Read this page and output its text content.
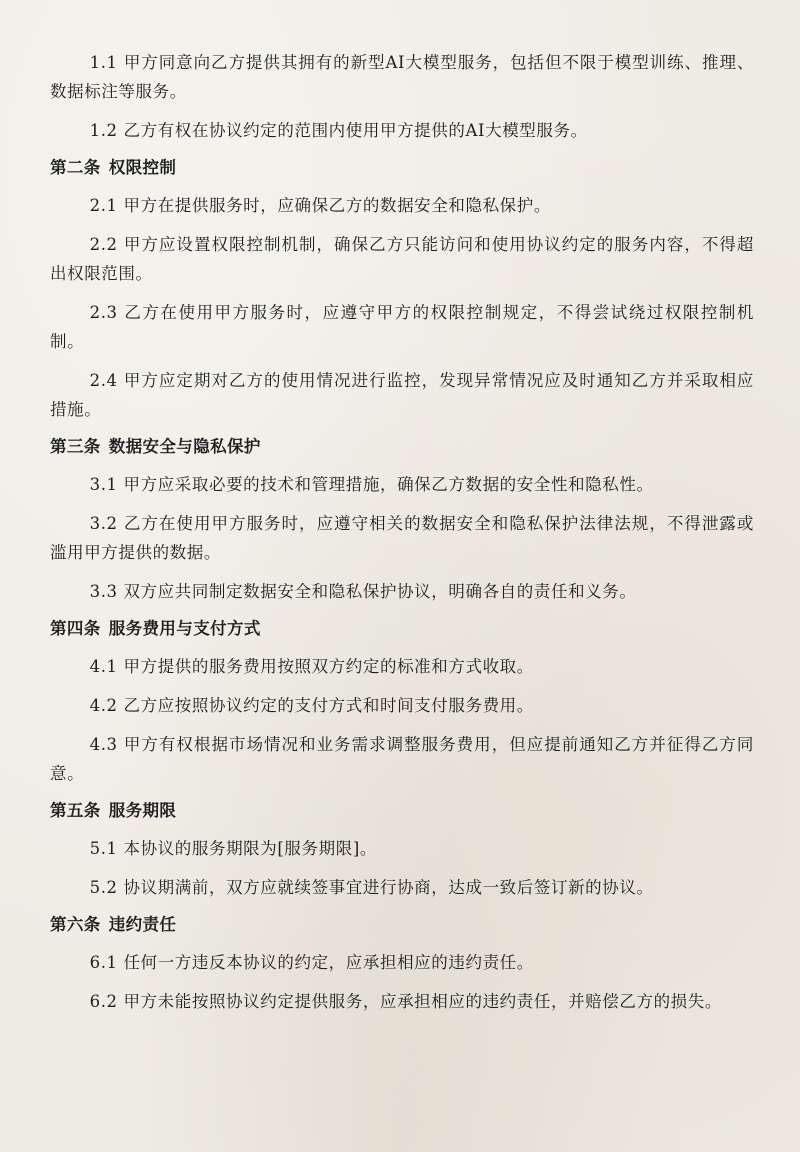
1.1 甲方同意向乙方提供其拥有的新型AI大模型服务，包括但不限于模型训练、推理、数据标注等服务。

1.2 乙方有权在协议约定的范围内使用甲方提供的AI大模型服务。

第二条 权限控制

2.1 甲方在提供服务时，应确保乙方的数据安全和隐私保护。

2.2 甲方应设置权限控制机制，确保乙方只能访问和使用协议约定的服务内容，不得超出权限范围。

2.3 乙方在使用甲方服务时，应遵守甲方的权限控制规定，不得尝试绕过权限控制机制。

2.4 甲方应定期对乙方的使用情况进行监控，发现异常情况应及时通知乙方并采取相应措施。

第三条 数据安全与隐私保护

3.1 甲方应采取必要的技术和管理措施，确保乙方数据的安全性和隐私性。

3.2 乙方在使用甲方服务时，应遵守相关的数据安全和隐私保护法律法规，不得泄露或滥用甲方提供的数据。

3.3 双方应共同制定数据安全和隐私保护协议，明确各自的责任和义务。

第四条 服务费用与支付方式

4.1 甲方提供的服务费用按照双方约定的标准和方式收取。

4.2 乙方应按照协议约定的支付方式和时间支付服务费用。

4.3 甲方有权根据市场情况和业务需求调整服务费用，但应提前通知乙方并征得乙方同意。

第五条 服务期限

5.1 本协议的服务期限为[服务期限]。

5.2 协议期满前，双方应就续签事宜进行协商，达成一致后签订新的协议。

第六条 违约责任

6.1 任何一方违反本协议的约定，应承担相应的违约责任。

6.2 甲方未能按照协议约定提供服务，应承担相应的违约责任，并赔偿乙方的损失。
